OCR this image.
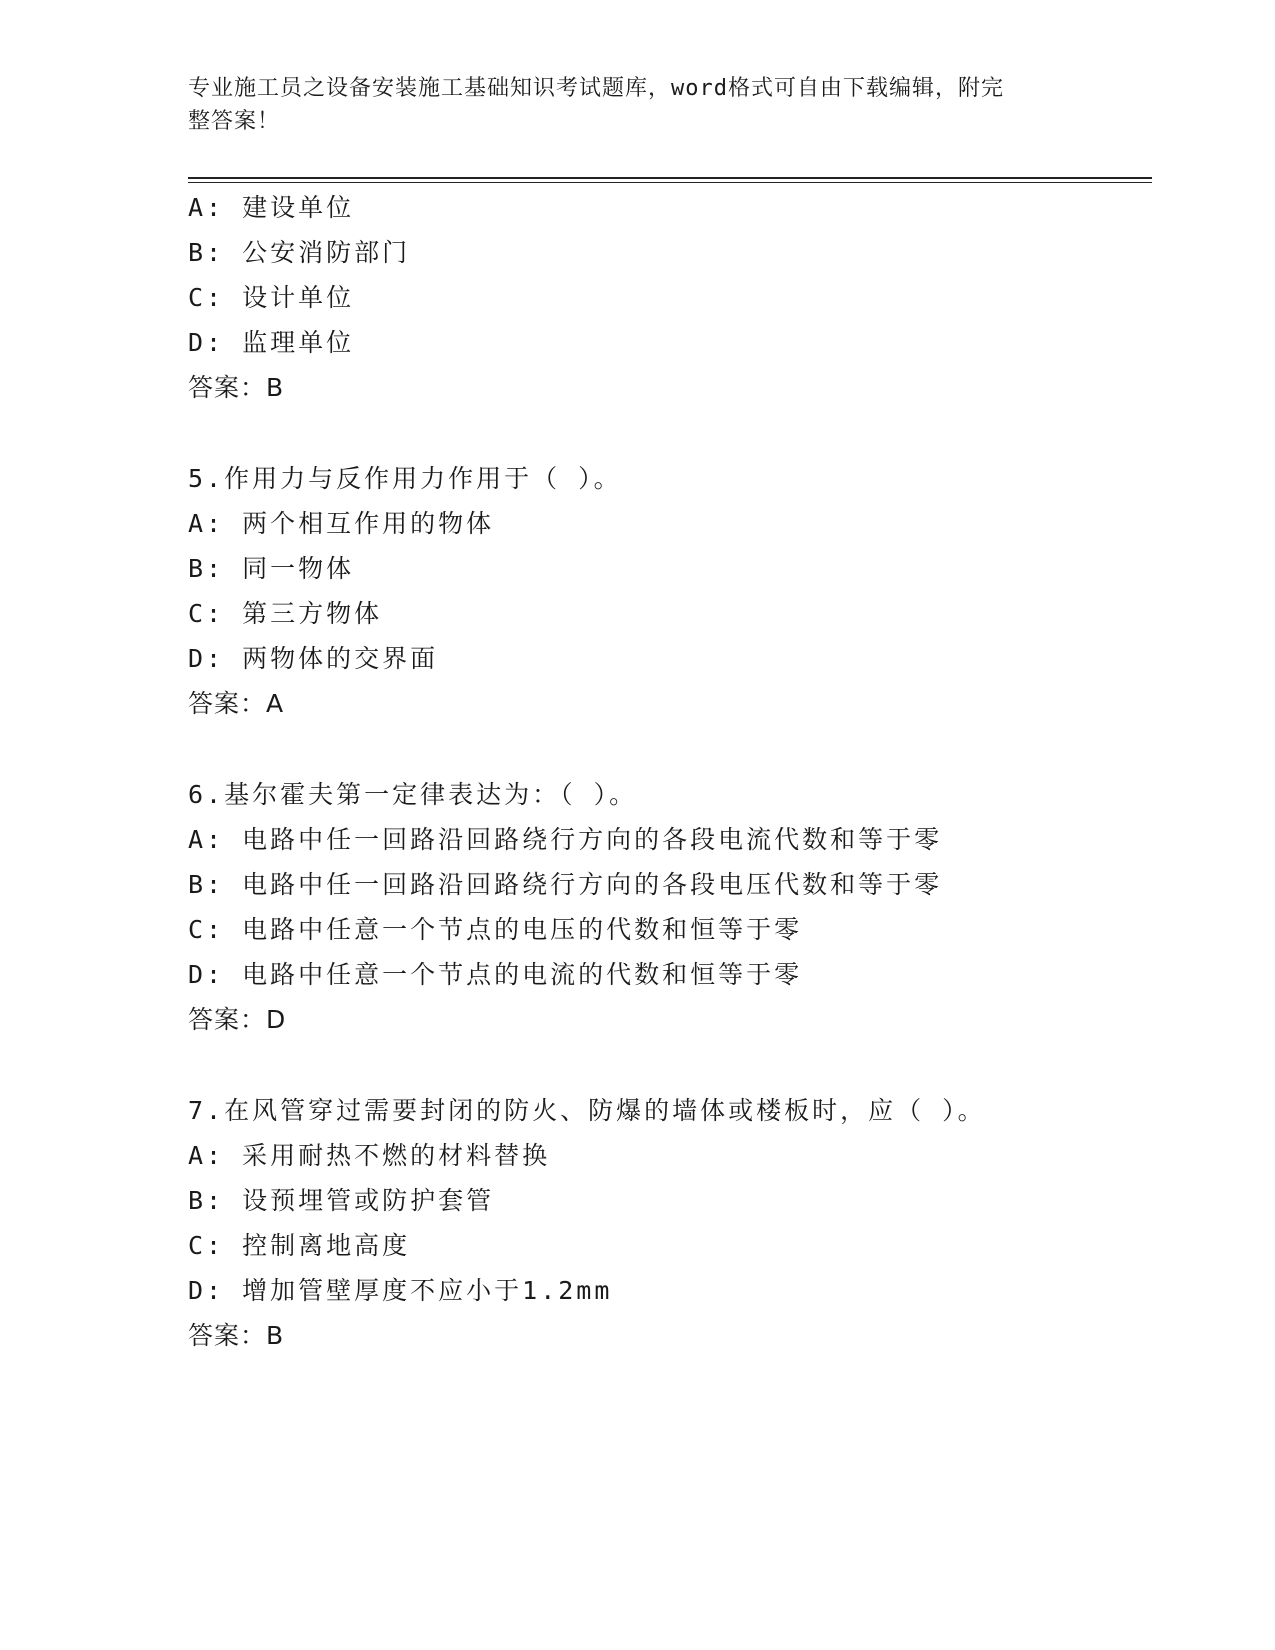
专业施工员之设备安装施工基础知识考试题库，word格式可自由下载编辑，附完
整答案！
A: 建设单位
B: 公安消防部门
C: 设计单位
D: 监理单位
答案：B
5.作用力与反作用力作用于（ ）。
A: 两个相互作用的物体
B: 同一物体
C: 第三方物体
D: 两物体的交界面
答案：A
6.基尔霍夫第一定律表达为：（ ）。
A: 电路中任一回路沿回路绕行方向的各段电流代数和等于零
B: 电路中任一回路沿回路绕行方向的各段电压代数和等于零
C: 电路中任意一个节点的电压的代数和恒等于零
D: 电路中任意一个节点的电流的代数和恒等于零
答案：D
7.在风管穿过需要封闭的防火、防爆的墙体或楼板时，应（ ）。
A: 采用耐热不燃的材料替换
B: 设预埋管或防护套管
C: 控制离地高度
D: 增加管壁厚度不应小于1.2mm
答案：B
